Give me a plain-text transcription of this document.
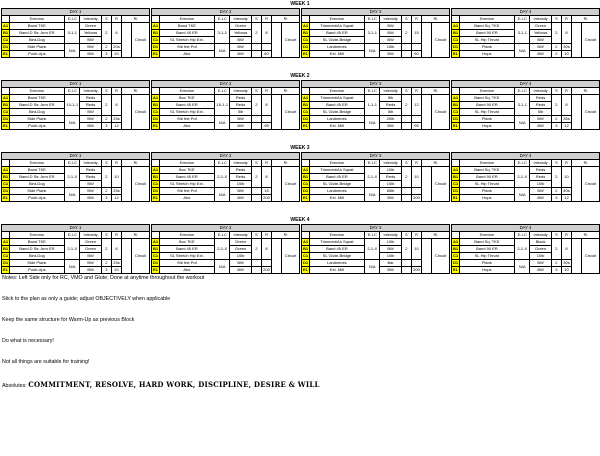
WEEK 1
DAY 1							
	Exercise	E-I-C	Intensity	S	R	RI	
A1	Band TKE	3-1-1	Green	2	6		Circuit
B1	Band D Str. Arm ER		Yellows				
C1	Bird-Dog		BW				
D1	Side Plank	N/A	BW	2	20s		
E1	Push-Ups		BW	3	10		
DAY 2							
	Exercise	E-I-C	Intensity	S	R	RI	
A1	Band TKE	3-1-1	Green	2	8		Circuit
B1	Band 45 ER		Yellows				
C1	SL Stretch Hip Ext.		BW				
D1	Stir the Pot	N/A	BW				
E1	Abs		BW		60		
DAY 3							
	Exercise	E-I-C	Intensity	S	R	RI	
A1	Trimmed/Air Squat	3-1-1	BW	2	15		Circuit
B1	Band 45 ER		BW				
C1	SL Glute-Bridge		BW				
D1	Landmines	N/A	15lb				
E1	Ext. Mill		BW		50		
DAY 4							
	Exercise	E-I-C	Intensity	S	R	RI	
A1	Band Sq. TKE	3-1-1	Green	2	8		Circuit
B1	Band 90 ER		Yellows				
C1	SL Hip Thrust		BW				
D1	Plank	N/A	BW	2	30s		
E1	Hops		BW	2	10		
WEEK 2
DAY 1							
	Exercise	E-I-C	Intensity	S	R	RI	
A1	Band TKE	10-1-1	Reds	2	8		Circuit
B1	Band D Str. Arm ER		Reds				
C1	Bird-Dog		BW				
D1	Side Plank	N/A	BW	2	25s		
E1	Push-Ups		BW	3	12		
DAY 2							
	Exercise	E-I-C	Intensity	S	R	RI	
A1	Box TKE	15-1-1	Reds	2	8		Circuit
B1	Band 45 ER		Reds				
C1	SL Stretch Hip Ext.		5lb				
D1	Stir the Pot	N/A	BW				
E1	Abs		BW		95		
DAY 3							
	Exercise	E-I-C	Intensity	S	R	RI	
A1	Trimmed/Air Squat	1-1-1	5lb	2	12		Circuit
B1	Band 45 ER		Reds				
C1	SL Glute-Bridge		5lb				
D1	Landmines	N/A	20lb				
E1	Ext. Mill		BW		95		
DAY 4							
	Exercise	E-I-C	Intensity	S	R	RI	
A1	Band Sq. TKE	3-1-1	Reds	2	8		Circuit
B1	Band 90 ER		Reds				
C1	SL Hip Thrust		5lb				
D1	Plank	N/A	BW	2	35s		
E1	Hops		BW	3	12		
WEEK 3
DAY 1							
	Exercise	E-I-C	Intensity	S	R	RI	
A1	Band TKE	2-1-X	Reds	2	10		Circuit
B1	Band D Str. Arm ER		Reds				
C1	Bird-Dog		BW				
D1	Side Plank	N/A	BW	2	25s		
E1	Push-Ups		BW	3	12		
DAY 2							
	Exercise	E-I-C	Intensity	S	R	RI	
A1	Box TKE	2-1-X	Reds	2	8		Circuit
B1	Band 45 ER		Reds				
C1	SL Stretch Hip Ext.		10lb				
D1	Stir the Pot	N/A	BW		15		
E1	Abs		BW		200		
DAY 3							
	Exercise	E-I-C	Intensity	S	R	RI	
A1	Trimmed/Air Squat	2-1-X	10lb	2	10		Circuit
B1	Band 45 ER		Reds				
C1	SL Glute-Bridge		10lb				
D1	Landmines	N/A	65lb				
E1	Ext. Mill		BW		200		
DAY 4							
	Exercise	E-I-C	Intensity	S	R	RI	
A1	Band Sq. TKE	2-1-X	Reds	2	10		Circuit
B1	Band 90 ER		Reds				
C1	SL Hip Thrust		10lb				
D1	Plank	N/A	BW	2	40s		
E1	Hops		BW	3	12		
WEEK 4
DAY 1							
	Exercise	E-I-C	Intensity	S	R	RI	
A1	Band TKE	2-1-X	Green	2	8		Circuit
B1	Band D Str. Arm ER		Green				
C1	Bird-Dog		BW				
D1	Side Plank	N/A	BW	2	25s		
E1	Push-Ups		BW	3	10		
DAY 2							
	Exercise	E-I-C	Intensity	S	R	RI	
A1	Box TKE	2-1-X	Green	2	8		Circuit
B1	Band 45 ER		Green				
C1	SL Stretch Hip Ext.		10lb				
D1	Stir the Pot	N/A	BW				
E1	Abs		BW		200		
DAY 3							
	Exercise	E-I-C	Intensity	S	R	RI	
A1	Trimmed/Air Squat	2-1-X	10lb	2	10		Circuit
B1	Band 45 ER		BW				
C1	SL Glute-Bridge		10lb				
D1	Landmines	N/A	Bar				
E1	Ext. Mill		BW		200		
DAY 4							
	Exercise	E-I-C	Intensity	S	R	RI	
A1	Band Sq. TKE	2-1-X	Black	2	8		Circuit
B1	Band 90 ER		Green				
C1	SL Hip Thrust		10lb				
D1	Plank	N/A	BW	2	30s		
E1	Hops		BW	3	10		
Notes: Left Side only for RC, VMO and Glute; Done at anytime throughout the workout
Stick to the plan as only a guide; adjust OBJECTIVELY when applicable
Keep the same structure for Warm-Up as previous Block
Do what is necessary!
Not all things are suitable for training!
Absolutes: COMMITMENT, RESOLVE, HARD WORK, DISCIPLINE, DESIRE & WILL
